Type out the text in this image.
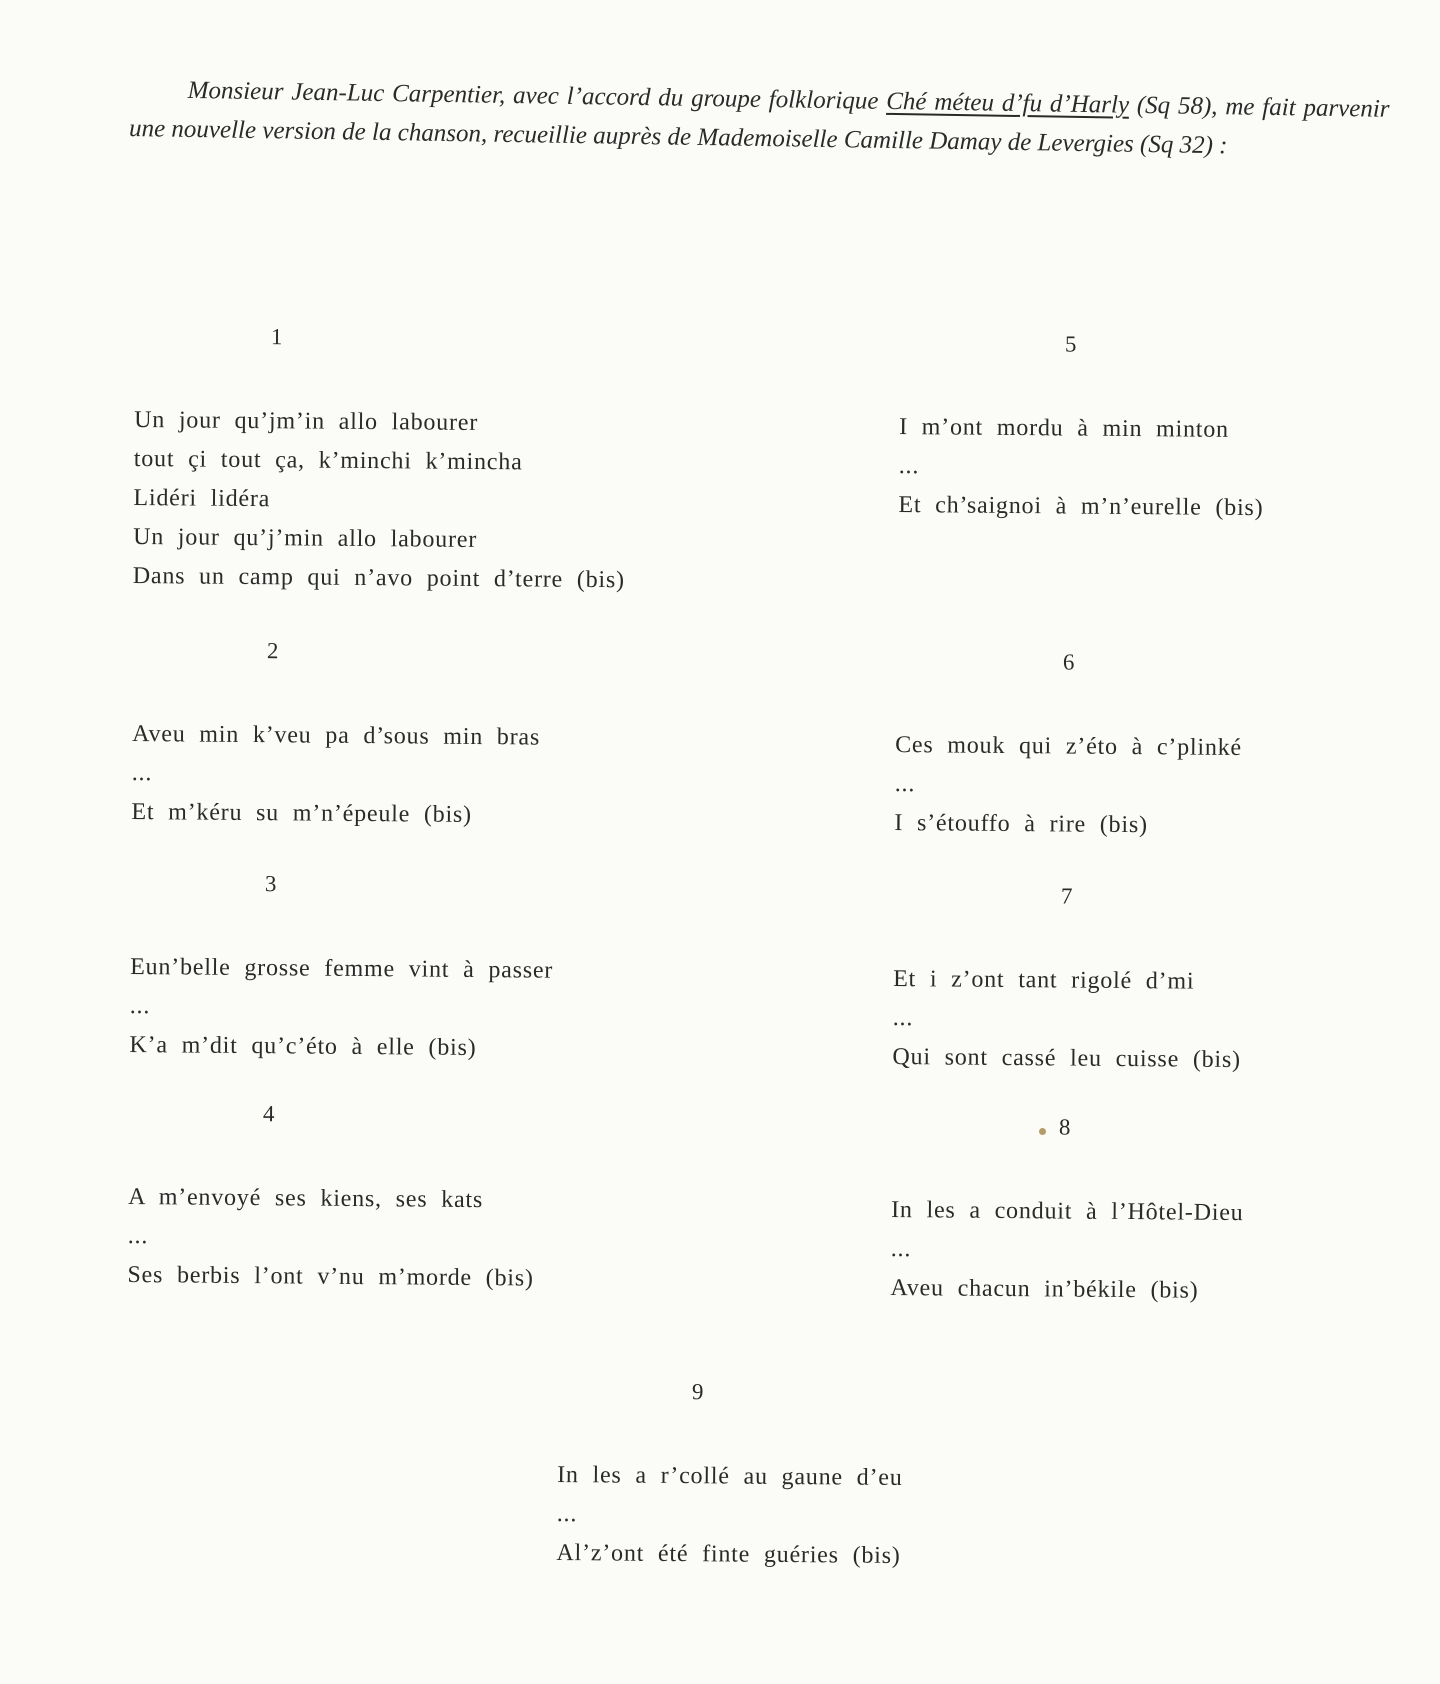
Monsieur Jean-Luc Carpentier, avec l’accord du groupe folklorique Ché méteu d’fu d’Harly (Sq 58), me fait parvenir une nouvelle version de la chanson, recueillie auprès de Mademoiselle Camille Damay de Levergies (Sq 32) :
1
Un jour qu’jm’in allo labourer
tout çi tout ça, k’minchi k’mincha
Lidéri lidéra
Un jour qu’j’min allo labourer
Dans un camp qui n’avo point d’terre (bis)
2
Aveu min k’veu pa d’sous min bras
...
Et m’kéru su m’n’épeule (bis)
3
Eun’belle grosse femme vint à passer
...
K’a m’dit qu’c’éto à elle (bis)
4
A m’envoyé ses kiens, ses kats
...
Ses berbis l’ont v’nu m’morde (bis)
5
I m’ont mordu à min minton
...
Et ch’saignoi à m’n’eurelle (bis)
6
Ces mouk qui z’éto à c’plinké
...
I s’étouffo à rire (bis)
7
Et i z’ont tant rigolé d’mi
...
Qui sont cassé leu cuisse (bis)
8
In les a conduit à l’Hôtel-Dieu
...
Aveu chacun in’békile (bis)
9
In les a r’collé au gaune d’eu
...
Al’z’ont été finte guéries (bis)
